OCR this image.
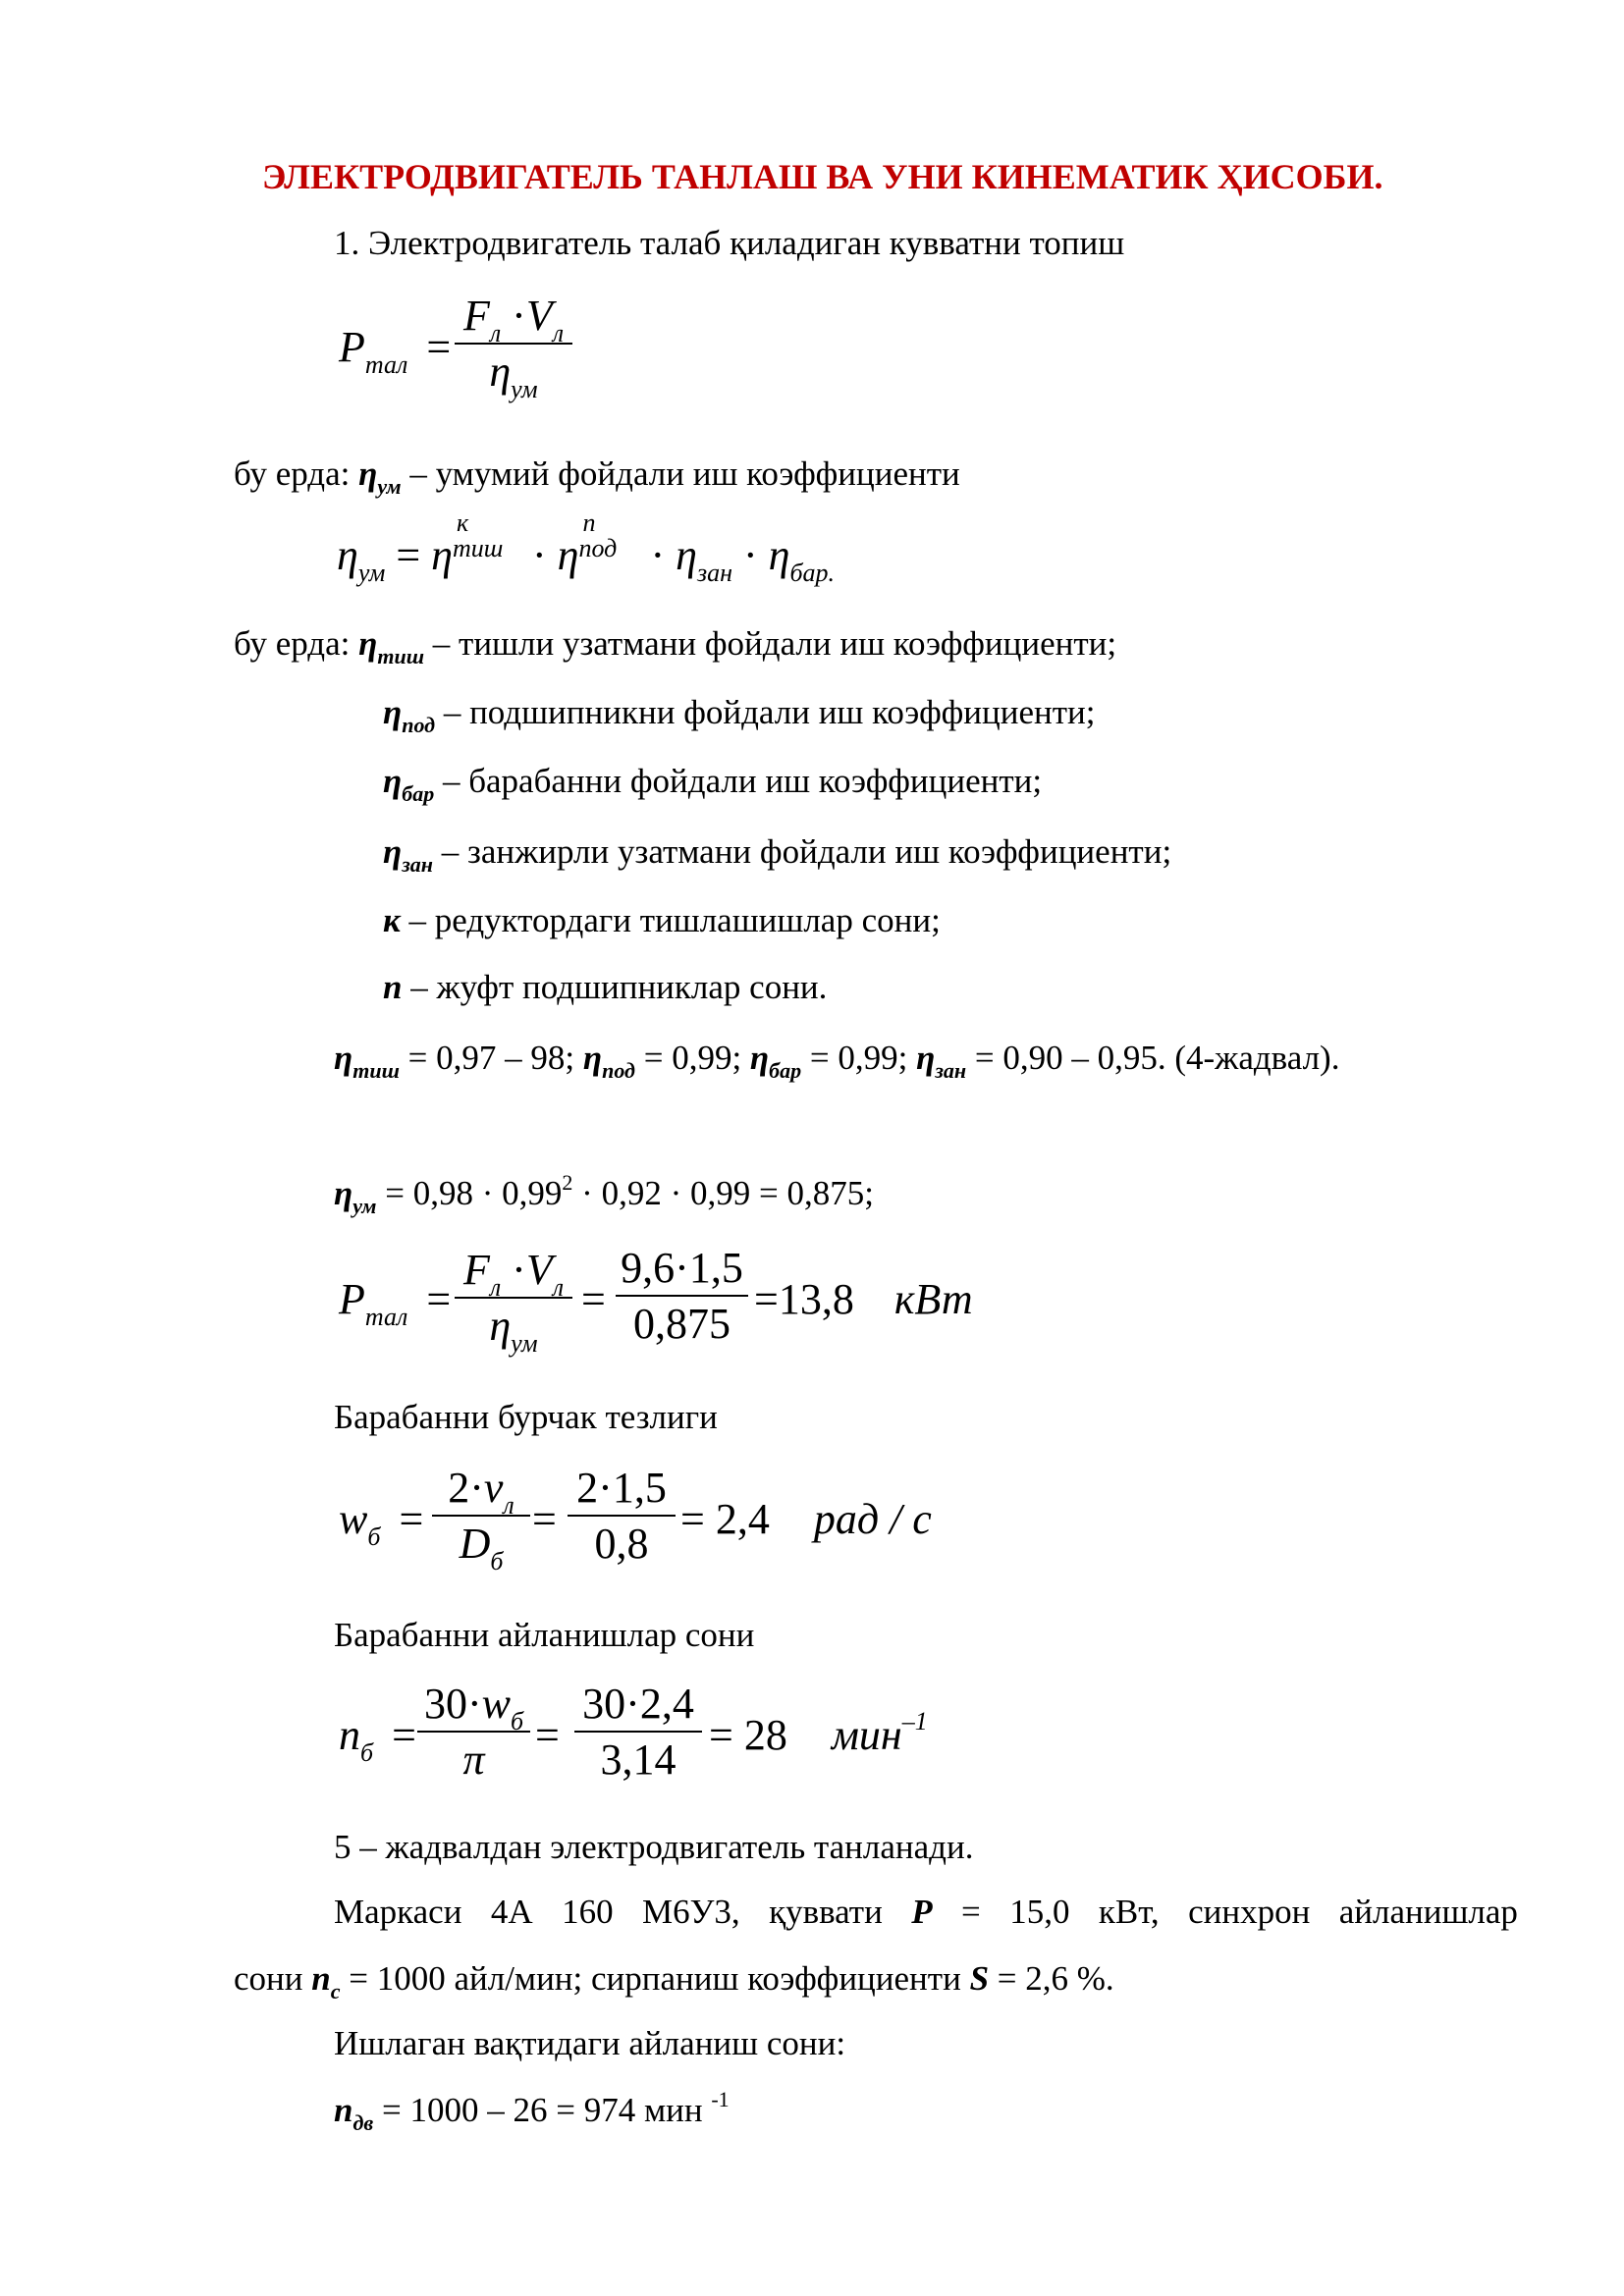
ЭЛЕКТРОДВИГАТЕЛЬ ТАНЛАШ ВА УНИ КИНЕМАТИК ҲИСОБИ.
1. Электродвигатель талаб қиладиган кувватни топиш
$P_{тал}$ =
$F_л \cdot V_л$
$\eta_{ум}$
бу ерда: $\eta_{ум}$ – умумий фойдали иш коэффициенти
$\eta_{ум} = \eta$
к
тиш · η
п
под · $\eta_{зан} \cdot \eta_{бар.}$
бу ерда: $\eta_{тиш}$ – тишли узатмани фойдали иш коэффициенти;
$\eta_{под}$ – подшипникни фойдали иш коэффициенти;
$\eta_{бар}$ – барабанни фойдали иш коэффициенти;
$\eta_{зан}$ – занжирли узатмани фойдали иш коэффициенти;
к – редуктордаги тишлашишлар сони;
n – жуфт подшипниклар сони.
$\eta_{тиш} = 0,97 - 98$; $\eta_{под} = 0,99$; $\eta_{бар} = 0,99$; $\eta_{зан} = 0,90 - 0,95$. (4-жадвал).
$\eta_{ум} = 0,98 \cdot 0,99^2 \cdot 0,92 \cdot 0,99 = 0,875$;
$P_{тал}$ =
$F_л \cdot V_л$
$\eta_{ум}$
=
9,6·1,5
0,875
=13,8 кВт
Барабанни бурчак тезлиги
$w_б$ =
$2\cdot v_л$
$D_б$
=
2·1,5
0,8
= 2,4 рад / с
Барабанни айланишлар сони
$n_б$ =
$30\cdot w_б$
π
=
30·2,4
3,14
= 28 мин$^{-1}$
5 – жадвалдан электродвигатель танланади.
Маркаси 4А 160 М6У3, қуввати P = 15,0 кВт, синхрон айланишлар
сони $n_c = 1000$ айл/мин; сирпаниш коэффициенти S = 2,6 %.
Ишлаган вақтидаги айланиш сони:
$n_{дв} = 1000 - 26 = 974$ мин $^{-1}$
